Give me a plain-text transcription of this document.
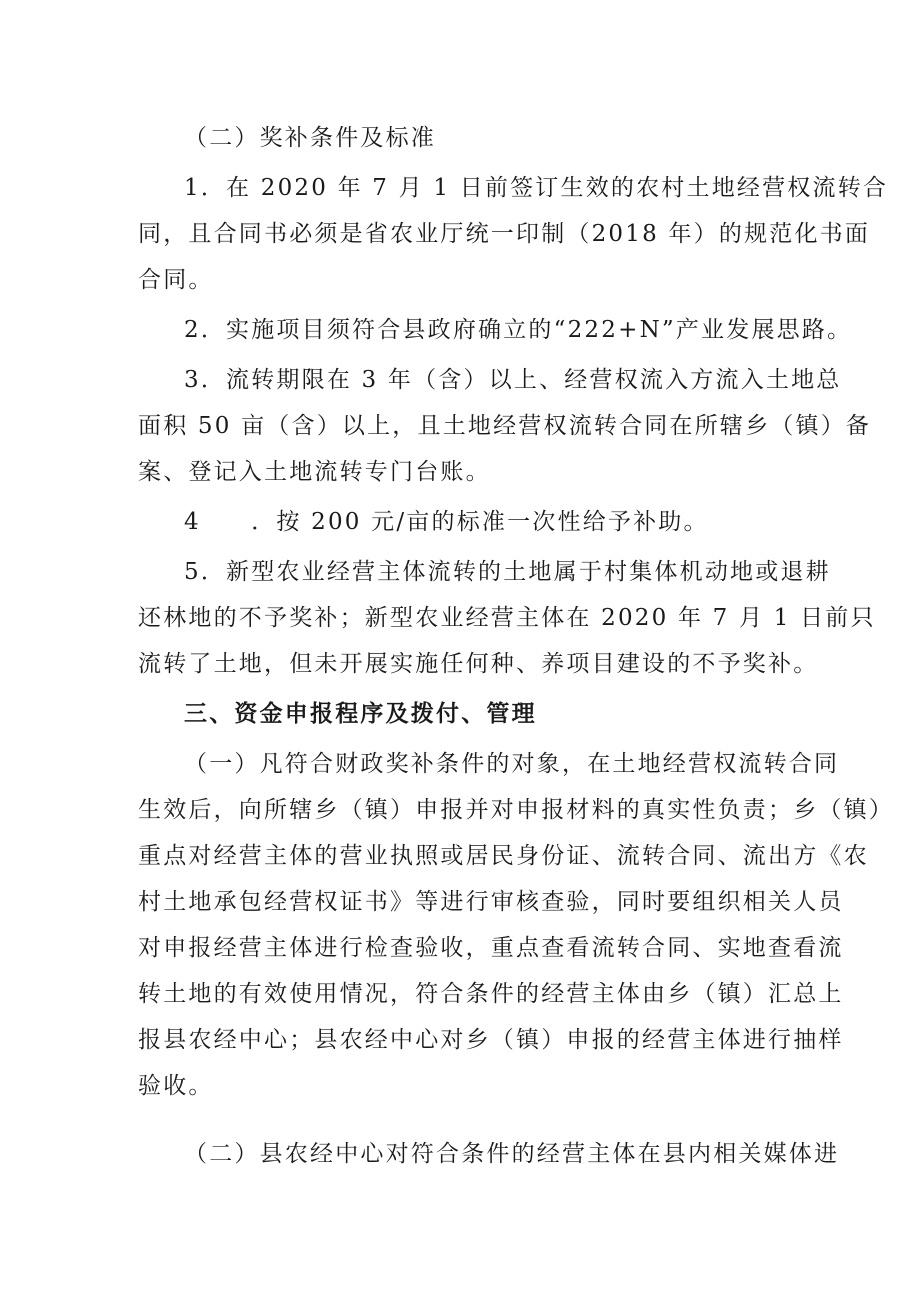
（二）奖补条件及标准
1．在 2020 年 7 月 1 日前签订生效的农村土地经营权流转合
同，且合同书必须是省农业厅统一印制（2018 年）的规范化书面
合同。
2．实施项目须符合县政府确立的“222+N”产业发展思路。
3．流转期限在 3 年（含）以上、经营权流入方流入土地总
面积 50 亩（含）以上，且土地经营权流转合同在所辖乡（镇）备
案、登记入土地流转专门台账。
4　　．按 200 元/亩的标准一次性给予补助。
5．新型农业经营主体流转的土地属于村集体机动地或退耕
还林地的不予奖补；新型农业经营主体在 2020 年 7 月 1 日前只
流转了土地，但未开展实施任何种、养项目建设的不予奖补。
三、资金申报程序及拨付、管理
（一）凡符合财政奖补条件的对象，在土地经营权流转合同
生效后，向所辖乡（镇）申报并对申报材料的真实性负责；乡（镇）
重点对经营主体的营业执照或居民身份证、流转合同、流出方《农
村土地承包经营权证书》等进行审核查验，同时要组织相关人员
对申报经营主体进行检查验收，重点查看流转合同、实地查看流
转土地的有效使用情况，符合条件的经营主体由乡（镇）汇总上
报县农经中心；县农经中心对乡（镇）申报的经营主体进行抽样
验收。
（二）县农经中心对符合条件的经营主体在县内相关媒体进
